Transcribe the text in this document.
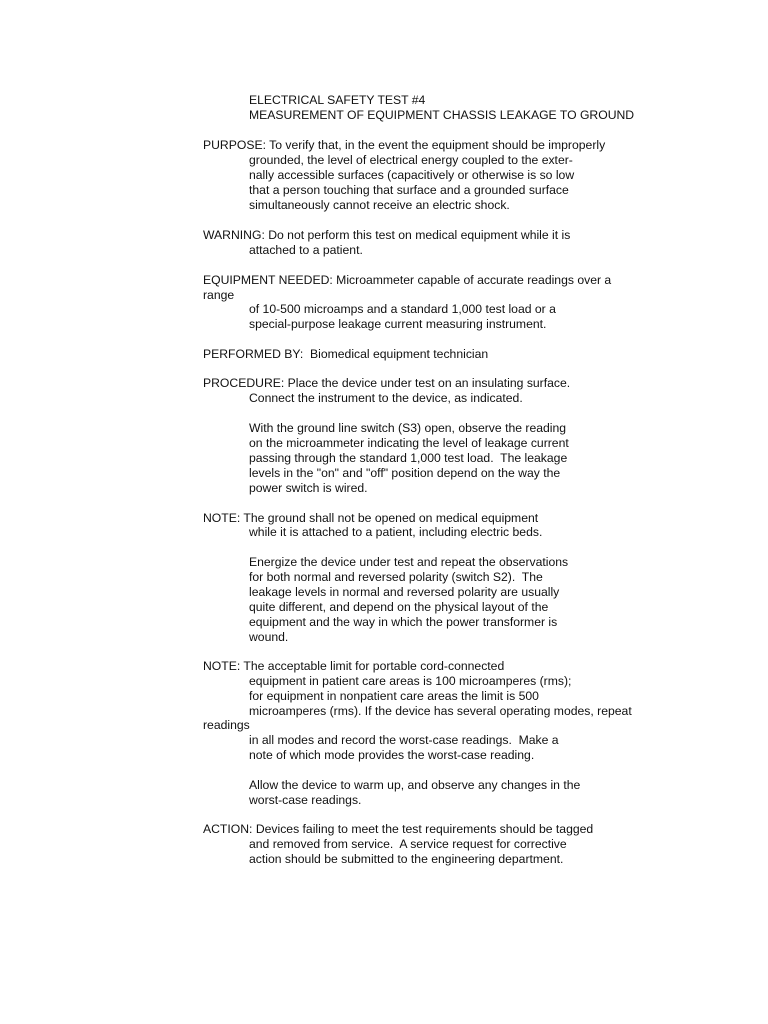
ELECTRICAL SAFETY TEST #4
MEASUREMENT OF EQUIPMENT CHASSIS LEAKAGE TO GROUND
PURPOSE: To verify that, in the event the equipment should be improperly
grounded, the level of electrical energy coupled to the exter-
nally accessible surfaces (capacitively or otherwise is so low
that a person touching that surface and a grounded surface
simultaneously cannot receive an electric shock.
WARNING: Do not perform this test on medical equipment while it is
attached to a patient.
EQUIPMENT NEEDED: Microammeter capable of accurate readings over a
range
of 10-500 microamps and a standard 1,000 test load or a
special-purpose leakage current measuring instrument.
PERFORMED BY:  Biomedical equipment technician
PROCEDURE: Place the device under test on an insulating surface.
Connect the instrument to the device, as indicated.
With the ground line switch (S3) open, observe the reading
on the microammeter indicating the level of leakage current
passing through the standard 1,000 test load.  The leakage
levels in the "on" and "off" position depend on the way the
power switch is wired.
NOTE: The ground shall not be opened on medical equipment
while it is attached to a patient, including electric beds.
Energize the device under test and repeat the observations
for both normal and reversed polarity (switch S2).  The
leakage levels in normal and reversed polarity are usually
quite different, and depend on the physical layout of the
equipment and the way in which the power transformer is
wound.
NOTE: The acceptable limit for portable cord-connected
equipment in patient care areas is 100 microamperes (rms);
for equipment in nonpatient care areas the limit is 500
microamperes (rms). If the device has several operating modes, repeat
readings
in all modes and record the worst-case readings.  Make a
note of which mode provides the worst-case reading.
Allow the device to warm up, and observe any changes in the
worst-case readings.
ACTION: Devices failing to meet the test requirements should be tagged
and removed from service.  A service request for corrective
action should be submitted to the engineering department.
